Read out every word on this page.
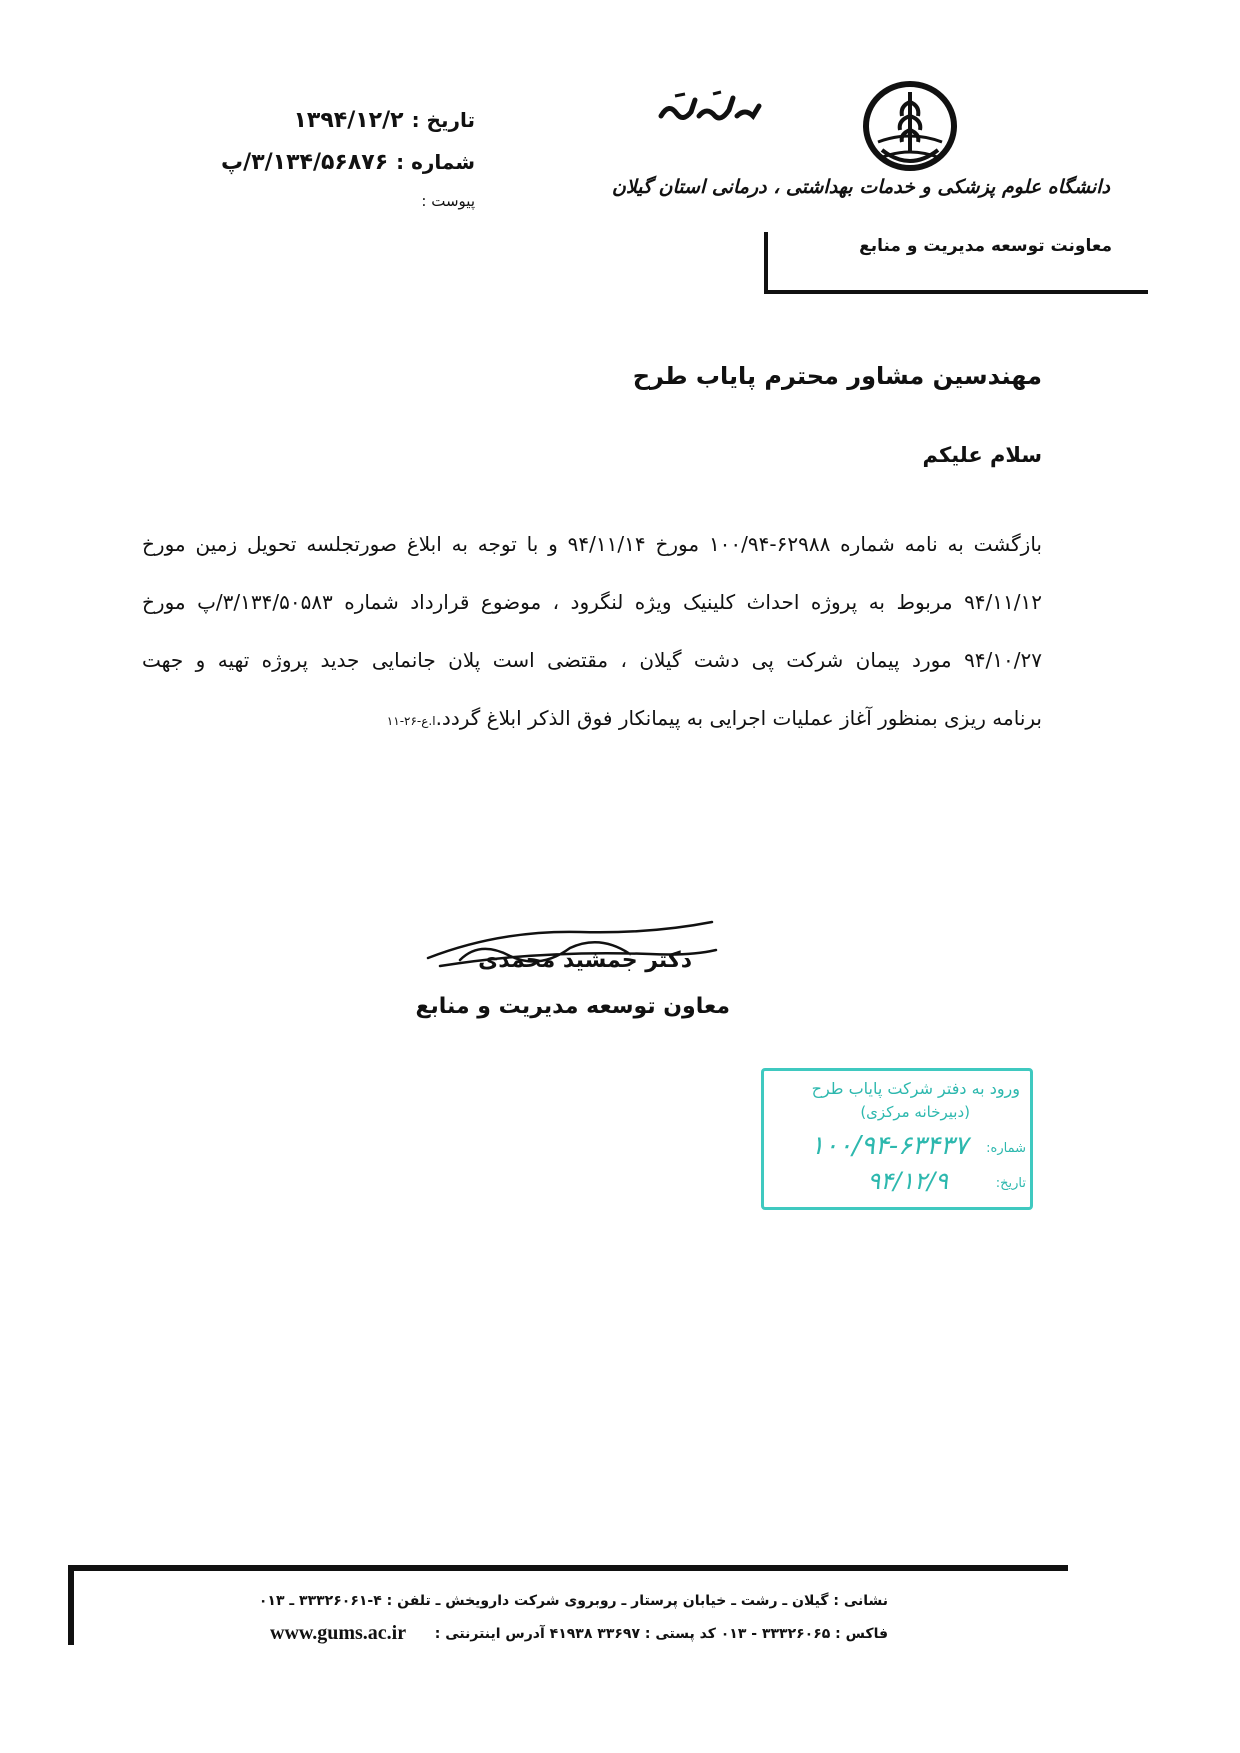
تاریخ :
۱۳۹۴/۱۲/۲
شماره :
۳/۱۳۴/۵۶۸۷۶/پ
پیوست :
دانشگاه علوم پزشکی و خدمات بهداشتی ، درمانی استان گیلان
معاونت توسعه مدیریت و منابع
مهندسین مشاور محترم پایاب طرح
سلام علیکم
بازگشت به نامه شماره ۶۲۹۸۸-۱۰۰/۹۴ مورخ ۹۴/۱۱/۱۴ و با توجه به ابلاغ صورتجلسه تحویل زمین مورخ
۹۴/۱۱/۱۲ مربوط به پروژه احداث کلینیک ویژه لنگرود ، موضوع قرارداد شماره ۳/۱۳۴/۵۰۵۸۳/پ مورخ
۹۴/۱۰/۲۷ مورد پیمان شرکت پی دشت گیلان ، مقتضی است پلان جانمایی جدید پروژه تهیه و جهت
برنامه ریزی بمنظور آغاز عملیات اجرایی به پیمانکار فوق الذکر ابلاغ گردد.ا.ع-۲۶-۱۱
دکتر جمشید محمدی
معاون توسعه مدیریت و منابع
ورود به دفتر شرکت پایاب طرح
(دبیرخانه مرکزی)
شماره:
۱۰۰/۹۴-۶۳۴۳۷
تاریخ:
۹۴/۱۲/۹
نشانی : گیلان ـ رشت ـ خیابان پرستار ـ روبروی شرکت دارویخش ـ تلفن : ۴-۳۳۳۲۶۰۶۱ ـ ۰۱۳
فاکس : ۳۳۳۲۶۰۶۵ - ۰۱۳ کد پستی : ۳۳۶۹۷ ۴۱۹۳۸ آدرس اینترنتی :
www.gums.ac.ir
